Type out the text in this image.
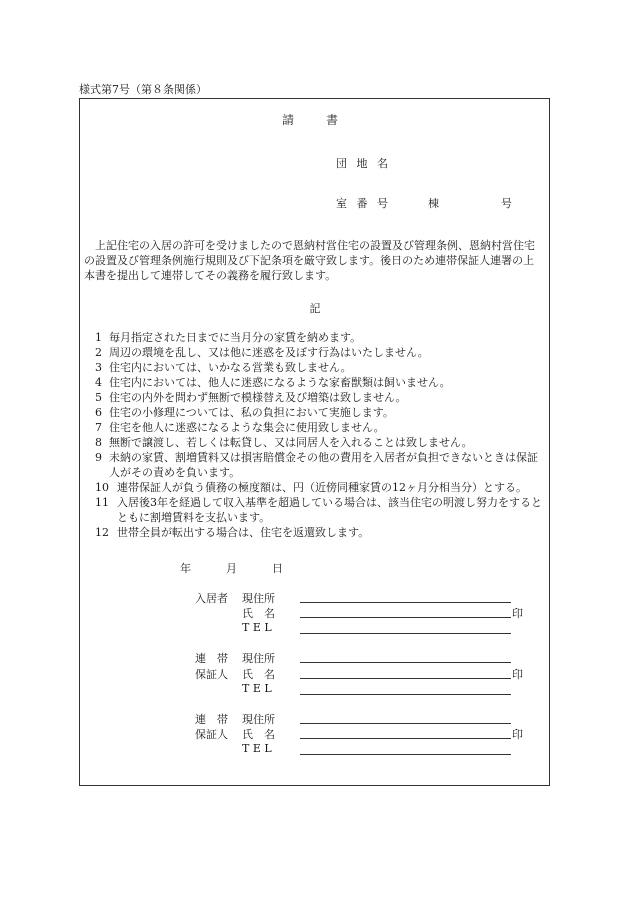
様式第7号（第８条関係）
請　書
団 地 名
室 番 号	棟	号

上記住宅の入居の許可を受けましたので恩納村営住宅の設置及び管理条例、恩納村営住宅の設置及び管理条例施行規則及び下記条項を厳守致します。後日のため連帯保証人連署の上本書を提出して連帯してその義務を履行致します。

記
1 毎月指定された日までに当月分の家賃を納めます。
2 周辺の環境を乱し、又は他に迷惑を及ぼす行為はいたしません。
3 住宅内においては、いかなる営業も致しません。
4 住宅内においては、他人に迷惑になるような家畜獣類は飼いません。
5 住宅の内外を問わず無断で模様替え及び増築は致しません。
6 住宅の小修理については、私の負担において実施します。
7 住宅を他人に迷惑になるような集会に使用致しません。
8 無断で譲渡し、若しくは転貸し、又は同居人を入れることは致しません。
9 未納の家賃、割増賃料又は損害賠償金その他の費用を入居者が負担できないときは保証人がその責めを負います。
10 連帯保証人が負う債務の極度額は、円（近傍同種家賃の12ヶ月分相当分）とする。
11 入居後3年を経過して収入基準を超過している場合は、該当住宅の明渡し努力をするとともに割増賃料を支払います。
12 世帯全員が転出する場合は、住宅を返還致します。
年	月	日
入居者 現住所
氏　名	印
T E L
連　帯 現住所
保証人 氏　名	印
T E L
連　帯 現住所
保証人 氏　名	印
T E L
